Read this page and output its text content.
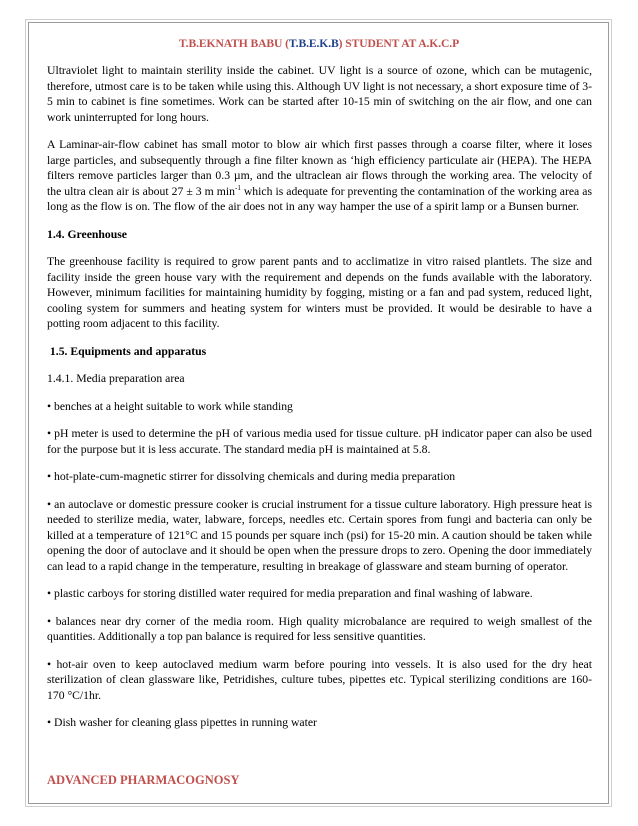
T.B.EKNATH BABU (T.B.E.K.B) STUDENT AT A.K.C.P

Ultraviolet light to maintain sterility inside the cabinet. UV light is a source of ozone, which can be mutagenic, therefore, utmost care is to be taken while using this. Although UV light is not necessary, a short exposure time of 3-5 min to cabinet is fine sometimes. Work can be started after 10-15 min of switching on the air flow, and one can work uninterrupted for long hours.

A Laminar-air-flow cabinet has small motor to blow air which first passes through a coarse filter, where it loses large particles, and subsequently through a fine filter known as ‘high efficiency particulate air (HEPA). The HEPA filters remove particles larger than 0.3 µm, and the ultraclean air flows through the working area. The velocity of the ultra clean air is about 27 ± 3 m $\min^{-1}$ which is adequate for preventing the contamination of the working area as long as the flow is on. The flow of the air does not in any way hamper the use of a spirit lamp or a Bunsen burner.

1.4. Greenhouse

The greenhouse facility is required to grow parent pants and to acclimatize in vitro raised plantlets. The size and facility inside the green house vary with the requirement and depends on the funds available with the laboratory. However, minimum facilities for maintaining humidity by fogging, misting or a fan and pad system, reduced light, cooling system for summers and heating system for winters must be provided. It would be desirable to have a potting room adjacent to this facility.

1.5. Equipments and apparatus

1.4.1. Media preparation area

• benches at a height suitable to work while standing

• pH meter is used to determine the pH of various media used for tissue culture. pH indicator paper can also be used for the purpose but it is less accurate. The standard media pH is maintained at 5.8.

• hot-plate-cum-magnetic stirrer for dissolving chemicals and during media preparation

• an autoclave or domestic pressure cooker is crucial instrument for a tissue culture laboratory. High pressure heat is needed to sterilize media, water, labware, forceps, needles etc. Certain spores from fungi and bacteria can only be killed at a temperature of 121°C and 15 pounds per square inch (psi) for 15-20 min. A caution should be taken while opening the door of autoclave and it should be open when the pressure drops to zero. Opening the door immediately can lead to a rapid change in the temperature, resulting in breakage of glassware and steam burning of operator.

• plastic carboys for storing distilled water required for media preparation and final washing of labware.

• balances near dry corner of the media room. High quality microbalance are required to weigh smallest of the quantities. Additionally a top pan balance is required for less sensitive quantities.

• hot-air oven to keep autoclaved medium warm before pouring into vessels. It is also used for the dry heat sterilization of clean glassware like, Petridishes, culture tubes, pipettes etc. Typical sterilizing conditions are 160-170 °C/1hr.

• Dish washer for cleaning glass pipettes in running water

ADVANCED PHARMACOGNOSY
